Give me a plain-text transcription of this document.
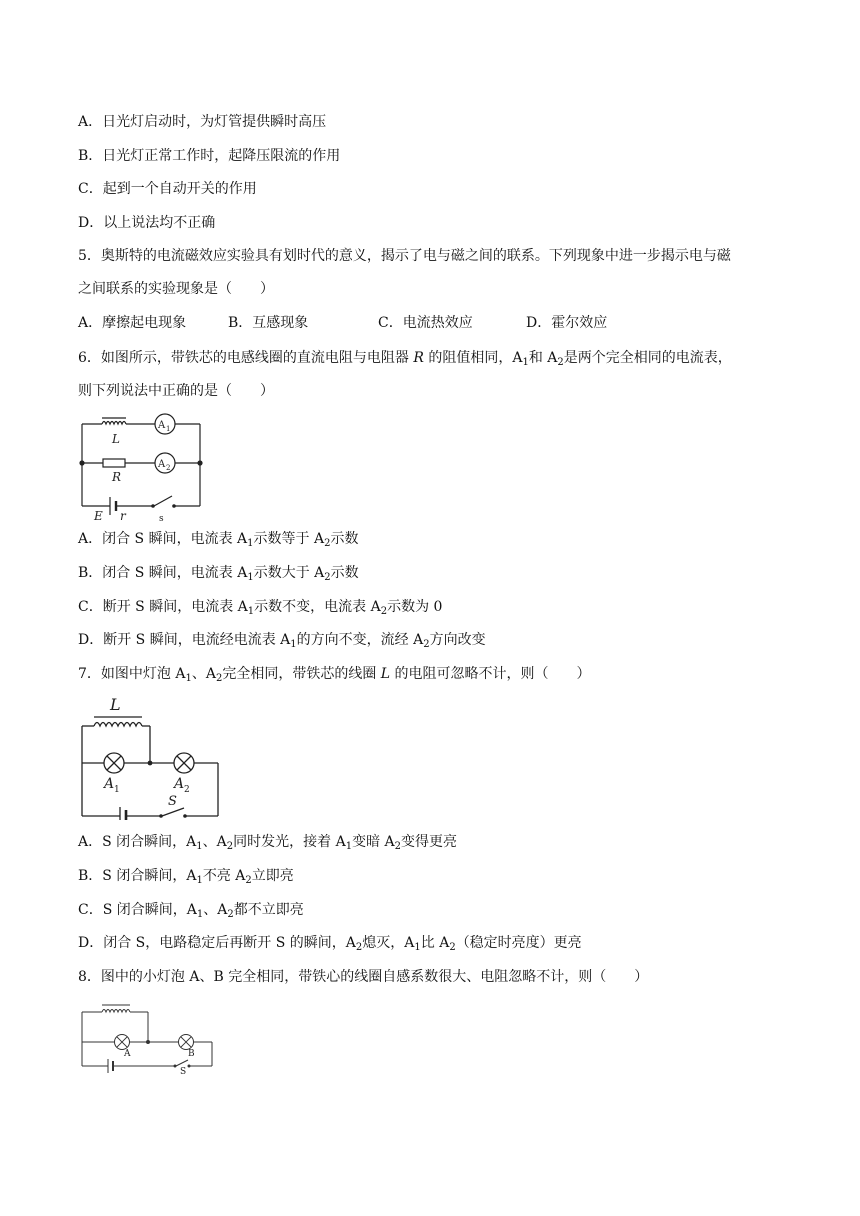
A．日光灯启动时，为灯管提供瞬时高压
B．日光灯正常工作时，起降压限流的作用
C．起到一个自动开关的作用
D．以上说法均不正确
5．奥斯特的电流磁效应实验具有划时代的意义，揭示了电与磁之间的联系。下列现象中进一步揭示电与磁
之间联系的实验现象是（　　）
A．摩擦起电现象	B．互感现象	C．电流热效应	D．霍尔效应
6．如图所示，带铁芯的电感线圈的直流电阻与电阻器 R 的阻值相同，$A_1$和 $A_2$是两个完全相同的电流表，
则下列说法中正确的是（　　）
L
R
A 1
A 2
E r	s
A．闭合 S 瞬间，电流表 $A_1$示数等于 $A_2$示数
B．闭合 S 瞬间，电流表 $A_1$示数大于 $A_2$示数
C．断开 S 瞬间，电流表 $A_1$示数不变，电流表 $A_2$示数为 0
D．断开 S 瞬间，电流经电流表 $A_1$的方向不变，流经 $A_2$方向改变
7．如图中灯泡 $A_1$、$A_2$完全相同，带铁芯的线圈 L 的电阻可忽略不计，则（　　）
L
A 1	A 2
S
A．S 闭合瞬间，$A_1$、$A_2$同时发光，接着 $A_1$变暗 $A_2$变得更亮
B．S 闭合瞬间，$A_1$不亮 $A_2$立即亮
C．S 闭合瞬间，$A_1$、$A_2$都不立即亮
D．闭合 S，电路稳定后再断开 S 的瞬间，$A_2$熄灭，$A_1$比 $A_2$（稳定时亮度）更亮
8．图中的小灯泡 A、B 完全相同，带铁心的线圈自感系数很大、电阻忽略不计，则（　　）
A	B
S
